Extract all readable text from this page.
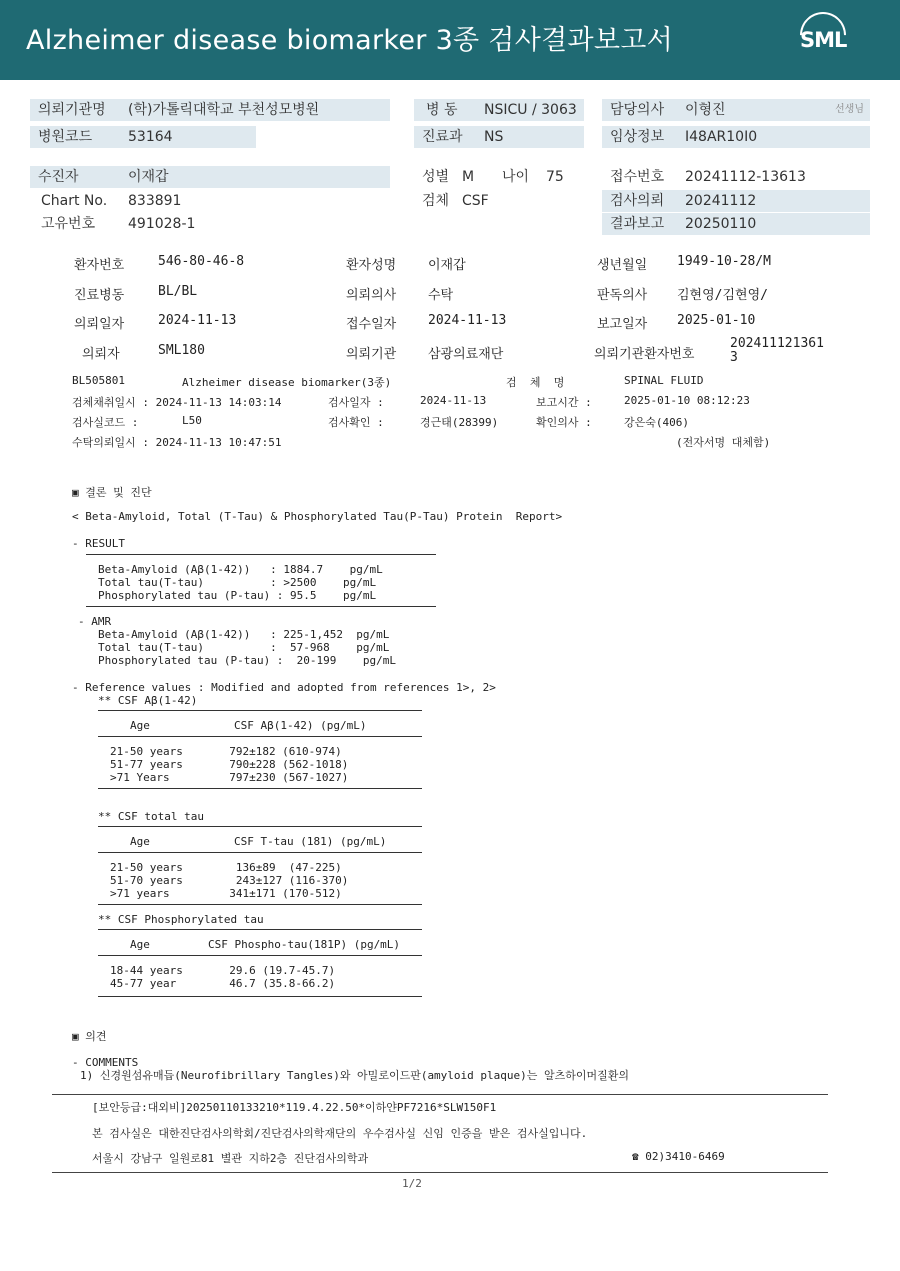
Alzheimer disease biomarker 3종 검사결과보고서	SML
의뢰기관명 (학)가톨릭대학교 부천성모병원	병 동 NSICU / 3063 담당의사 이형진	선생님
병원코드	53164	진료과 NS	임상정보 I48AR10I0
수진자	이재갑	성별 M 나이 75	접수번호 20241112-13613
Chart No. 833891	검체 CSF	검사의뢰 20241112
고유번호 491028-1	결과보고 20250110
환자번호	546-80-46-8	환자성명 이재갑	생년월일 1949-10-28/M
진료병동	BL/BL	의뢰의사 수탁	판독의사 김현영/김현영/
의뢰일자	2024-11-13	접수일자 2024-11-13	보고일자 2025-01-10
의뢰자	SML180	의뢰기관 삼광의료재단	의뢰기관환자번호
202411121361
3
BL505801	Alzheimer disease biomarker(3종)	검  체  명	SPINAL FLUID
검체채취일시 : 2024-11-13 14:03:14	검사일자 :	2024-11-13	보고시간 :	2025-01-10 08:12:23
검사실코드 :	L50	검사확인 :	경근태(28399)	확인의사 :	강은숙(406)
수탁의뢰일시 : 2024-11-13 10:47:51	(전자서명 대체함)
▣ 결론 및 진단
< Beta-Amyloid, Total (T-Tau) & Phosphorylated Tau(P-Tau) Protein  Report>
- RESULT
Beta-Amyloid (Aβ(1-42))   : 1884.7    pg/mL
Total tau(T-tau)          : >2500    pg/mL
Phosphorylated tau (P-tau) : 95.5    pg/mL
- AMR
Beta-Amyloid (Aβ(1-42))   : 225-1,452  pg/mL
Total tau(T-tau)          :  57-968    pg/mL
Phosphorylated tau (P-tau) :  20-199    pg/mL
- Reference values : Modified and adopted from references 1>, 2>
** CSF Aβ(1-42)
Age	CSF Aβ(1-42) (pg/mL)
21-50 years       792±182 (610-974)
51-77 years       790±228 (562-1018)
>71 Years         797±230 (567-1027)
** CSF total tau
Age	CSF T-tau (181) (pg/mL)
21-50 years        136±89  (47-225)
51-70 years        243±127 (116-370)
>71 years         341±171 (170-512)
** CSF Phosphorylated tau
Age	CSF Phospho-tau(181P) (pg/mL)
18-44 years       29.6 (19.7-45.7)
45-77 year        46.7 (35.8-66.2)
▣ 의견
- COMMENTS
1) 신경원섬유매듭(Neurofibrillary Tangles)와 아밀로이드판(amyloid plaque)는 알츠하이머질환의
[보안등급:대외비]20250110133210*119.4.22.50*이하얀PF7216*SLW150F1
본 검사실은 대한진단검사의학회/진단검사의학재단의 우수검사실 신임 인증을 받은 검사실입니다.
서울시 강남구 일원로81 별관 지하2층 진단검사의학과	☎ 02)3410-6469
1/2
